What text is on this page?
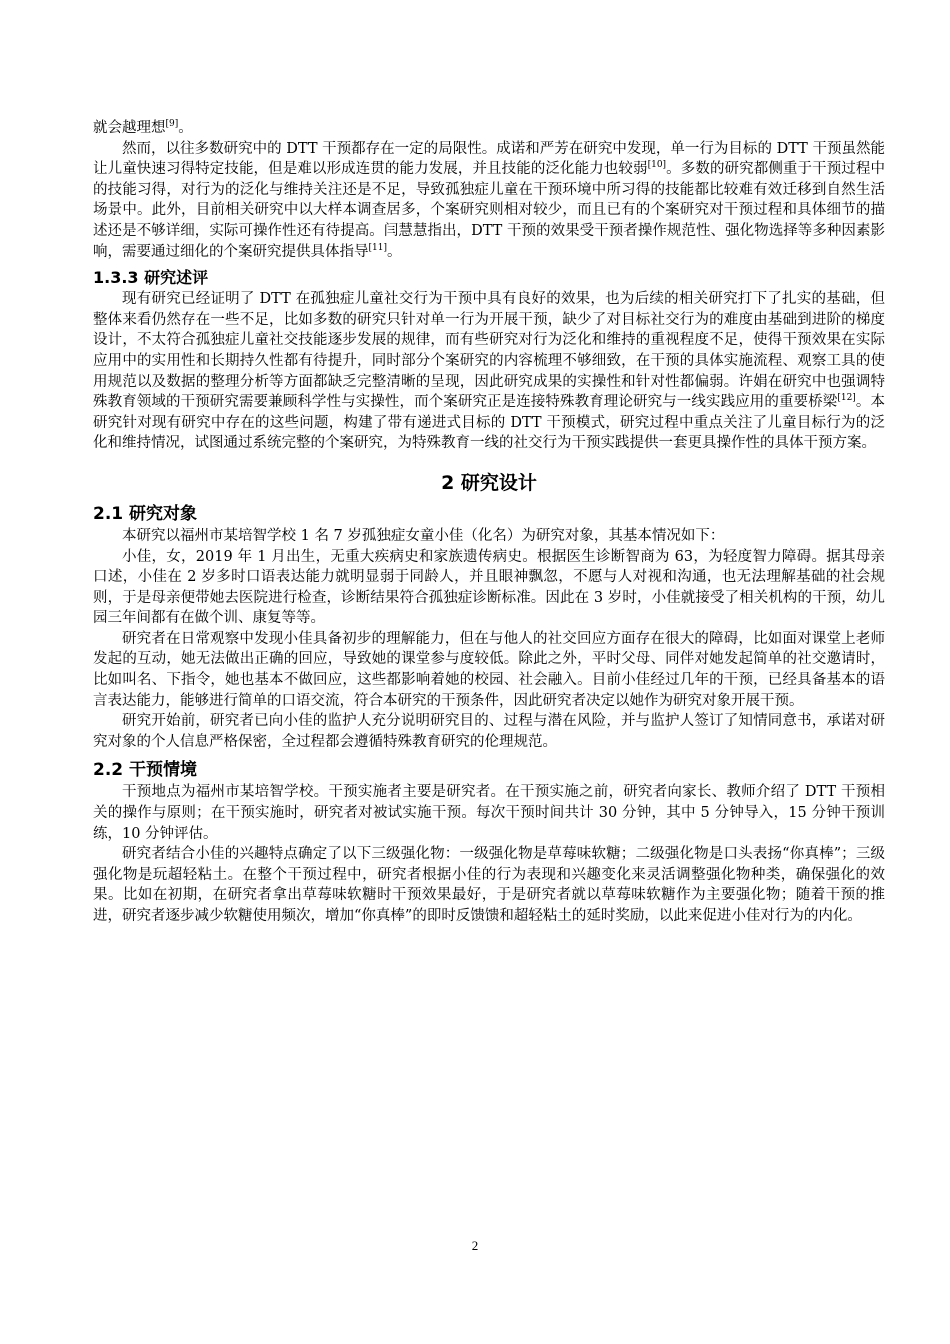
就会越理想[9]。

然而，以往多数研究中的 DTT 干预都存在一定的局限性。成诺和严芳在研究中发现，单一行为目标的 DTT 干预虽然能让儿童快速习得特定技能，但是难以形成连贯的能力发展，并且技能的泛化能力也较弱[10]。多数的研究都侧重于干预过程中的技能习得，对行为的泛化与维持关注还是不足，导致孤独症儿童在干预环境中所习得的技能都比较难有效迁移到自然生活场景中。此外，目前相关研究中以大样本调查居多，个案研究则相对较少，而且已有的个案研究对干预过程和具体细节的描述还是不够详细，实际可操作性还有待提高。闫慧慧指出，DTT 干预的效果受干预者操作规范性、强化物选择等多种因素影响，需要通过细化的个案研究提供具体指导[11]。

1.3.3 研究述评

现有研究已经证明了 DTT 在孤独症儿童社交行为干预中具有良好的效果，也为后续的相关研究打下了扎实的基础，但整体来看仍然存在一些不足，比如多数的研究只针对单一行为开展干预，缺少了对目标社交行为的难度由基础到进阶的梯度设计，不太符合孤独症儿童社交技能逐步发展的规律，而有些研究对行为泛化和维持的重视程度不足，使得干预效果在实际应用中的实用性和长期持久性都有待提升，同时部分个案研究的内容梳理不够细致，在干预的具体实施流程、观察工具的使用规范以及数据的整理分析等方面都缺乏完整清晰的呈现，因此研究成果的实操性和针对性都偏弱。许娟在研究中也强调特殊教育领域的干预研究需要兼顾科学性与实操性，而个案研究正是连接特殊教育理论研究与一线实践应用的重要桥梁[12]。本研究针对现有研究中存在的这些问题，构建了带有递进式目标的 DTT 干预模式，研究过程中重点关注了儿童目标行为的泛化和维持情况，试图通过系统完整的个案研究，为特殊教育一线的社交行为干预实践提供一套更具操作性的具体干预方案。

2 研究设计
2.1 研究对象

本研究以福州市某培智学校 1 名 7 岁孤独症女童小佳（化名）为研究对象，其基本情况如下：

小佳，女，2019 年 1 月出生，无重大疾病史和家族遗传病史。根据医生诊断智商为 63，为轻度智力障碍。据其母亲口述，小佳在 2 岁多时口语表达能力就明显弱于同龄人，并且眼神飘忽，不愿与人对视和沟通，也无法理解基础的社会规则，于是母亲便带她去医院进行检查，诊断结果符合孤独症诊断标准。因此在 3 岁时，小佳就接受了相关机构的干预，幼儿园三年间都有在做个训、康复等等。

研究者在日常观察中发现小佳具备初步的理解能力，但在与他人的社交回应方面存在很大的障碍，比如面对课堂上老师发起的互动，她无法做出正确的回应，导致她的课堂参与度较低。除此之外，平时父母、同伴对她发起简单的社交邀请时，比如叫名、下指令，她也基本不做回应，这些都影响着她的校园、社会融入。目前小佳经过几年的干预，已经具备基本的语言表达能力，能够进行简单的口语交流，符合本研究的干预条件，因此研究者决定以她作为研究对象开展干预。

研究开始前，研究者已向小佳的监护人充分说明研究目的、过程与潜在风险，并与监护人签订了知情同意书，承诺对研究对象的个人信息严格保密，全过程都会遵循特殊教育研究的伦理规范。

2.2 干预情境

干预地点为福州市某培智学校。干预实施者主要是研究者。在干预实施之前，研究者向家长、教师介绍了 DTT 干预相关的操作与原则；在干预实施时，研究者对被试实施干预。每次干预时间共计 30 分钟，其中 5 分钟导入，15 分钟干预训练，10 分钟评估。

研究者结合小佳的兴趣特点确定了以下三级强化物：一级强化物是草莓味软糖；二级强化物是口头表扬“你真棒”；三级强化物是玩超轻粘土。在整个干预过程中，研究者根据小佳的行为表现和兴趣变化来灵活调整强化物种类，确保强化的效果。比如在初期，在研究者拿出草莓味软糖时干预效果最好，于是研究者就以草莓味软糖作为主要强化物；随着干预的推进，研究者逐步减少软糖使用频次，增加“你真棒”的即时反馈馈和超轻粘土的延时奖励，以此来促进小佳对行为的内化。

2
